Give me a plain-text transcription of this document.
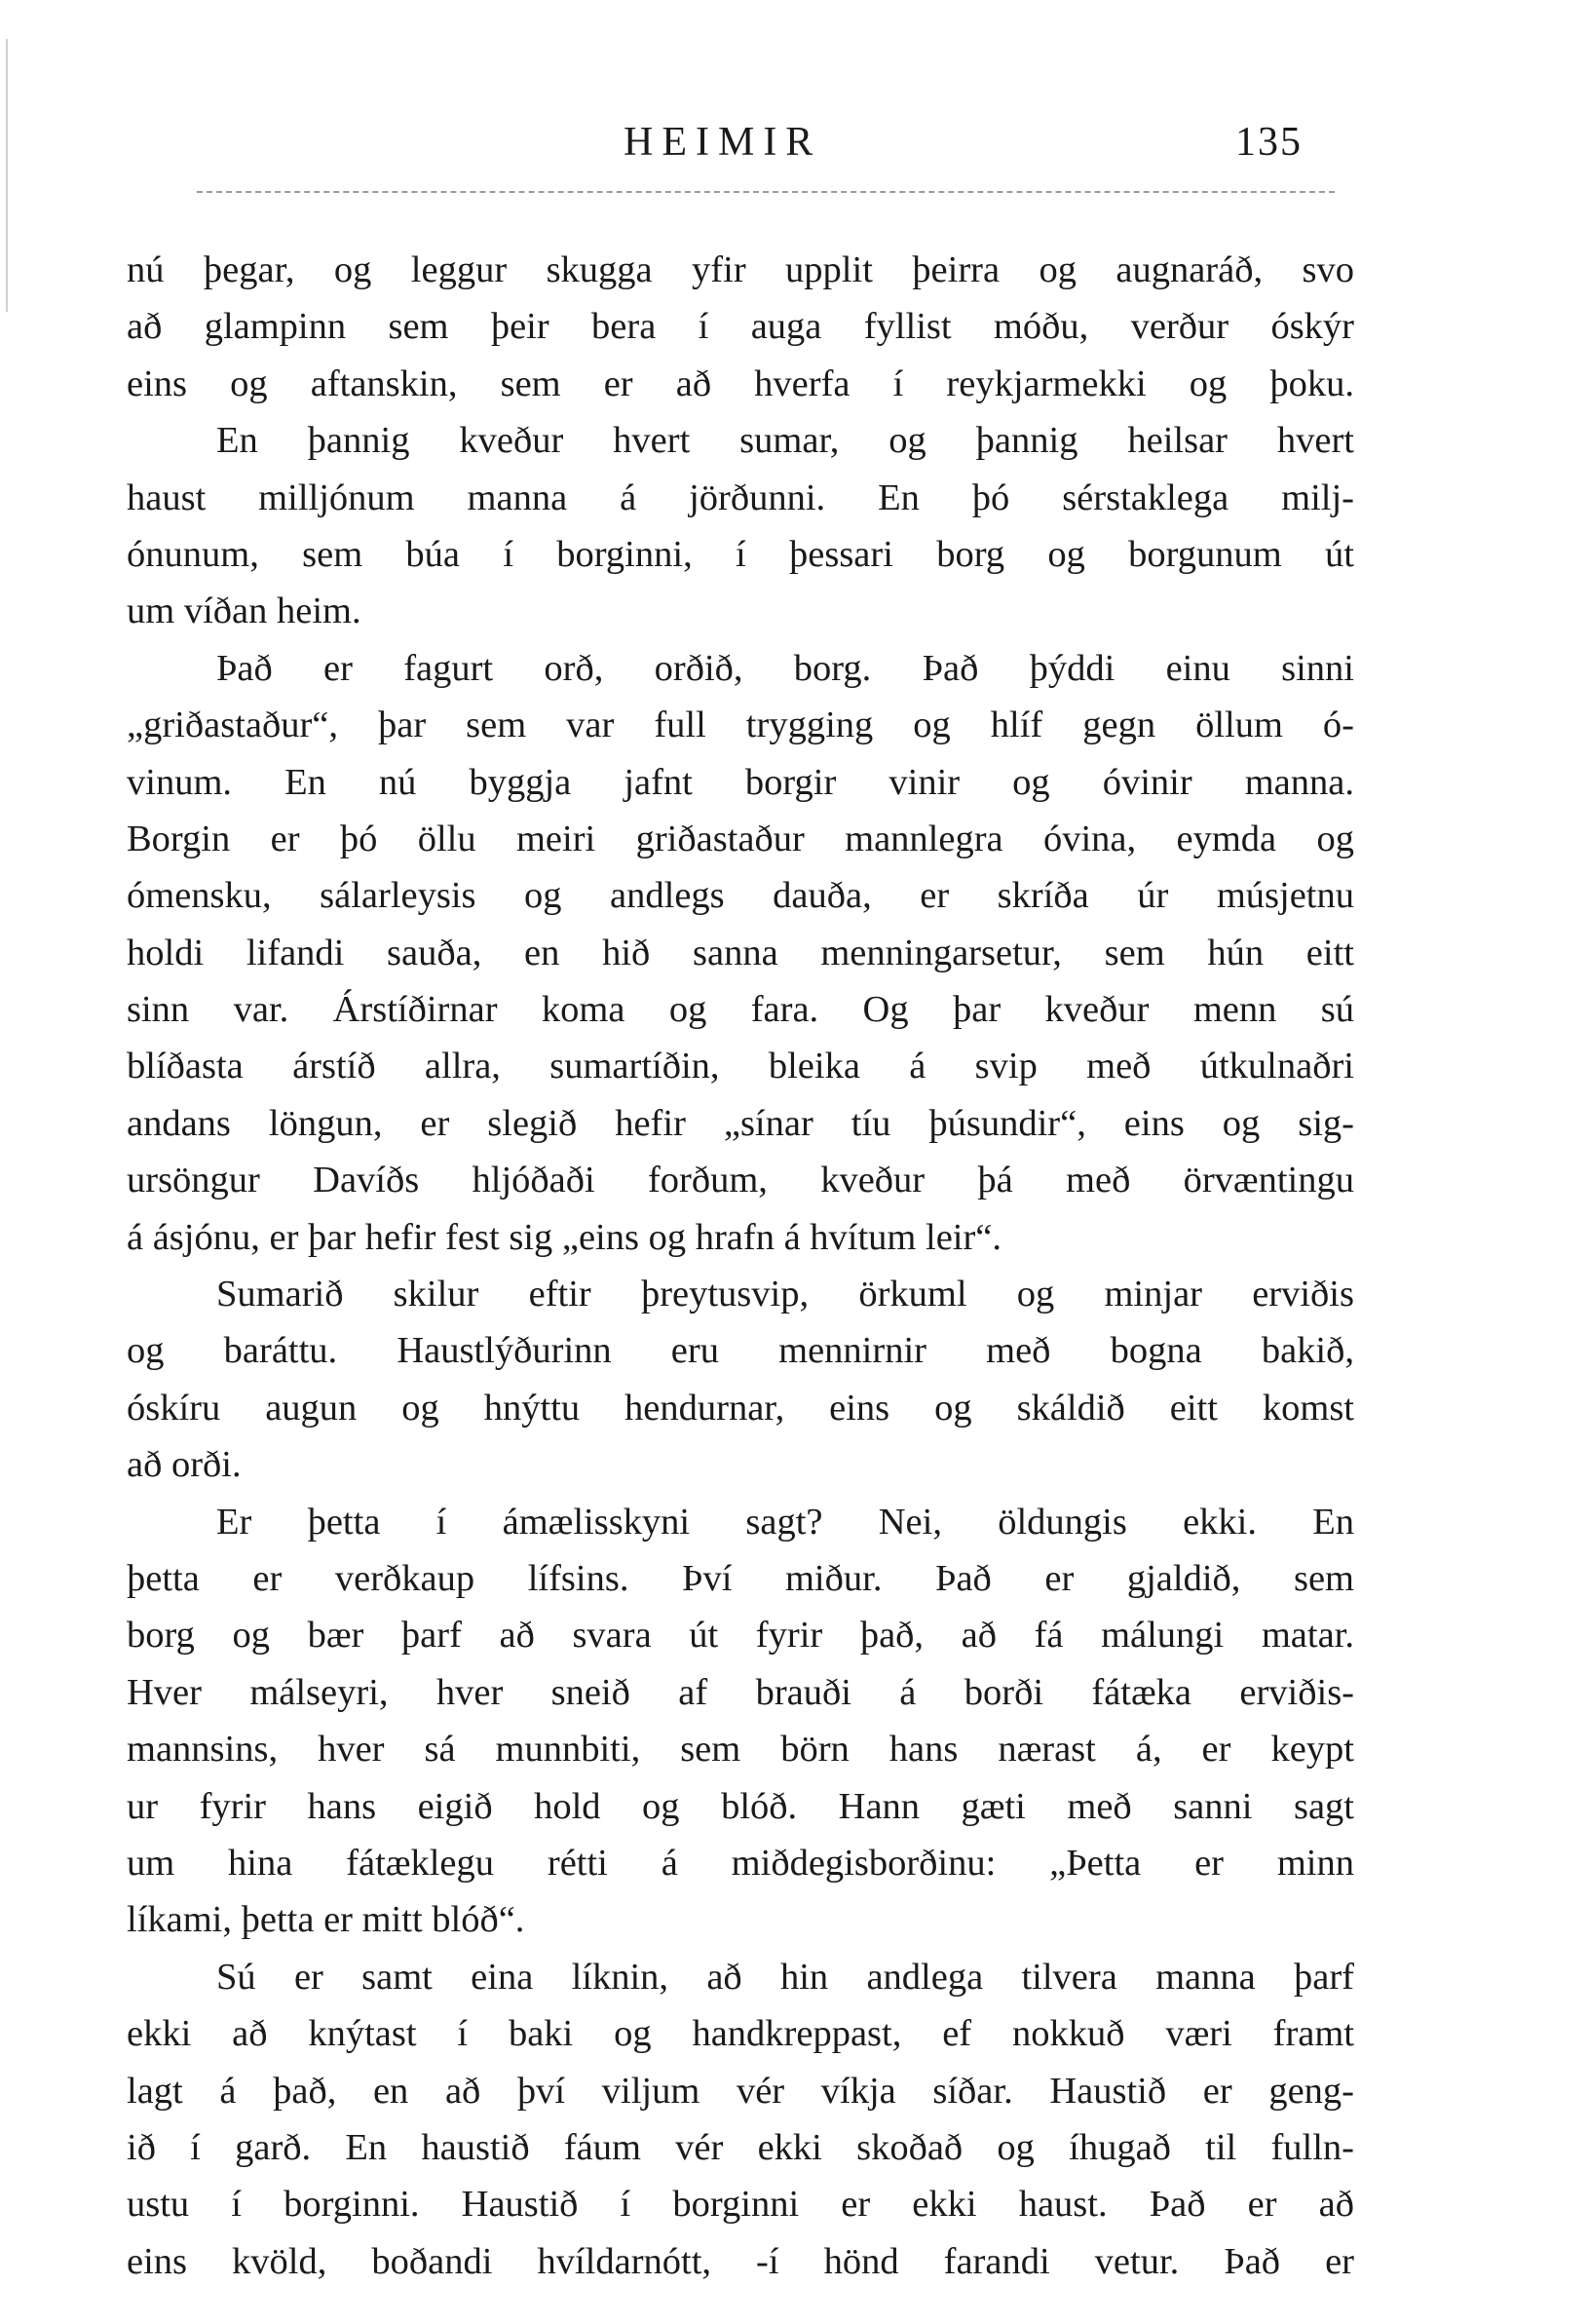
HEIMIR	135
nú þegar, og leggur skugga yfir upplit þeirra og augnaráð, svo
að glampinn sem þeir bera í auga fyllist móðu, verður óskýr
eins og aftanskin, sem er að hverfa í reykjarmekki og þoku.
En þannig kveður hvert sumar, og þannig heilsar hvert
haust milljónum manna á jörðunni. En þó sérstaklega milj-
ónunum, sem búa í borginni, í þessari borg og borgunum út
um víðan heim.
Það er fagurt orð, orðið, borg. Það þýddi einu sinni
„griðastaður“, þar sem var full trygging og hlíf gegn öllum ó-
vinum. En nú byggja jafnt borgir vinir og óvinir manna.
Borgin er þó öllu meiri griðastaður mannlegra óvina, eymda og
ómensku, sálarleysis og andlegs dauða, er skríða úr músjetnu
holdi lifandi sauða, en hið sanna menningarsetur, sem hún eitt
sinn var. Árstíðirnar koma og fara. Og þar kveður menn sú
blíðasta árstíð allra, sumartíðin, bleika á svip með útkulnaðri
andans löngun, er slegið hefir „sínar tíu þúsundir“, eins og sig-
ursöngur Davíðs hljóðaði forðum, kveður þá með örvæntingu
á ásjónu, er þar hefir fest sig „eins og hrafn á hvítum leir“.
Sumarið skilur eftir þreytusvip, örkuml og minjar erviðis
og baráttu. Haustlýðurinn eru mennirnir með bogna bakið,
óskíru augun og hnýttu hendurnar, eins og skáldið eitt komst
að orði.
Er þetta í ámælisskyni sagt? Nei, öldungis ekki. En
þetta er verðkaup lífsins. Því miður. Það er gjaldið, sem
borg og bær þarf að svara út fyrir það, að fá málungi matar.
Hver málseyri, hver sneið af brauði á borði fátæka erviðis-
mannsins, hver sá munnbiti, sem börn hans nærast á, er keypt
ur fyrir hans eigið hold og blóð. Hann gæti með sanni sagt
um hina fátæklegu rétti á miðdegisborðinu: „Þetta er minn
líkami, þetta er mitt blóð“.
Sú er samt eina líknin, að hin andlega tilvera manna þarf
ekki að knýtast í baki og handkreppast, ef nokkuð væri framt
lagt á það, en að því viljum vér víkja síðar. Haustið er geng-
ið í garð. En haustið fáum vér ekki skoðað og íhugað til fulln-
ustu í borginni. Haustið í borginni er ekki haust. Það er að
eins kvöld, boðandi hvíldarnótt, -í hönd farandi vetur. Það er
